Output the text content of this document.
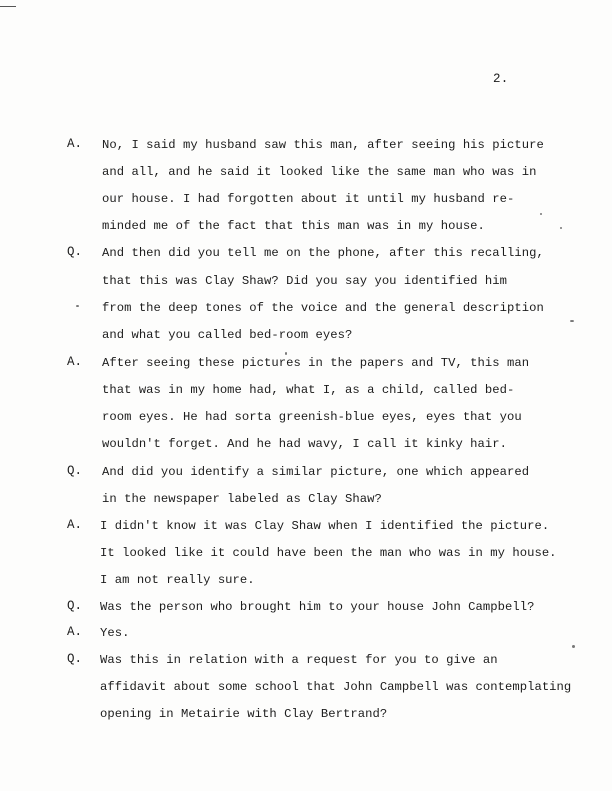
2.
A. No, I said my husband saw this man, after seeing his picture
and all, and he said it looked like the same man who was in
our house. I had forgotten about it until my husband re-
minded me of the fact that this man was in my house.
Q. And then did you tell me on the phone, after this recalling,
that this was Clay Shaw? Did you say you identified him
from the deep tones of the voice and the general description
and what you called bed-room eyes?
A. After seeing these pictures in the papers and TV, this man
that was in my home had, what I, as a child, called bed-
room eyes. He had sorta greenish-blue eyes, eyes that you
wouldn't forget. And he had wavy, I call it kinky hair.
Q. And did you identify a similar picture, one which appeared
in the newspaper labeled as Clay Shaw?
A. I didn't know it was Clay Shaw when I identified the picture.
It looked like it could have been the man who was in my house.
I am not really sure.
Q. Was the person who brought him to your house John Campbell?
A. Yes.
Q. Was this in relation with a request for you to give an
affidavit about some school that John Campbell was contemplating
opening in Metairie with Clay Bertrand?
